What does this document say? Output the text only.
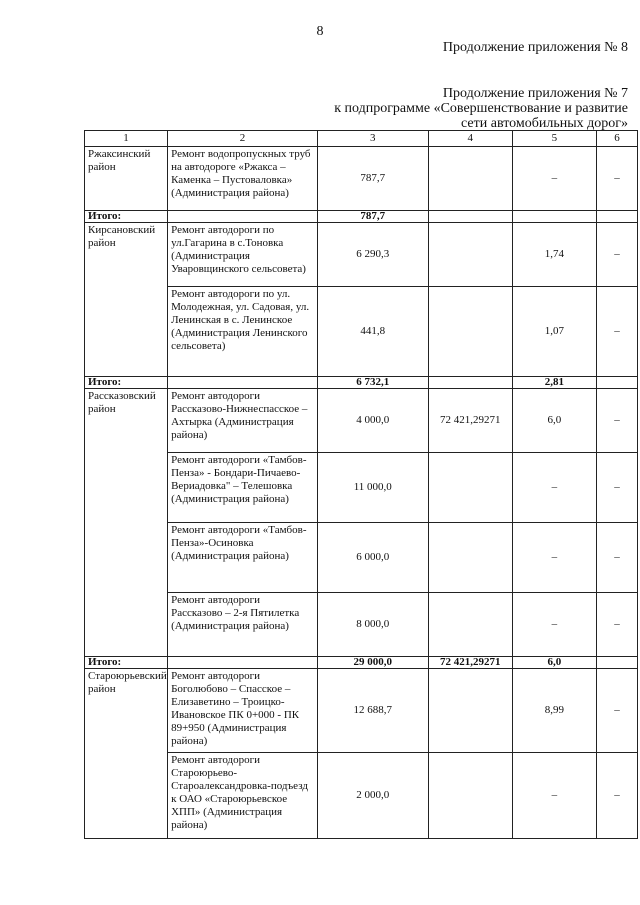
8
Продолжение приложения № 8
Продолжение приложения № 7
к подпрограмме «Совершенствование и развитие
сети автомобильных дорог»
1	2	3	4	5	6
Ржаксинский район	Ремонт водопропускных труб на автодороге «Ржакса – Каменка – Пустоваловка» (Администрация района)	787,7		–	–
Итого:		787,7			
Кирсановский район	Ремонт автодороги по ул.Гагарина в с.Тоновка (Администрация Уваровщинского сельсовета)	6 290,3		1,74	–
	Ремонт автодороги по ул. Молодежная, ул. Садовая, ул. Ленинская в с. Ленинское (Администрация Ленинского сельсовета)	441,8		1,07	–
Итого:		6 732,1		2,81	
Рассказовский район	Ремонт автодороги Рассказово-Нижнеспасское – Ахтырка (Администрация района)	4 000,0	72 421,29271	6,0	–
	Ремонт автодороги «Тамбов-Пенза» - Бондари-Пичаево-Вериадовка" – Телешовка (Администрация района)	11 000,0		–	–
	Ремонт автодороги «Тамбов-Пенза»-Осиновка (Администрация района)	6 000,0		–	–
	Ремонт автодороги Рассказово – 2-я Пятилетка (Администрация района)	8 000,0		–	–
Итого:		29 000,0	72 421,29271	6,0	
Староюрьевский район	Ремонт автодороги Боголюбово – Спасское – Елизаветино – Троицко-Ивановское ПК 0+000 - ПК 89+950 (Администрация района)	12 688,7		8,99	–
	Ремонт автодороги Староюрьево-Староалександровка-подъезд к ОАО «Староюрьевское ХПП» (Администрация района)	2 000,0		–	–
